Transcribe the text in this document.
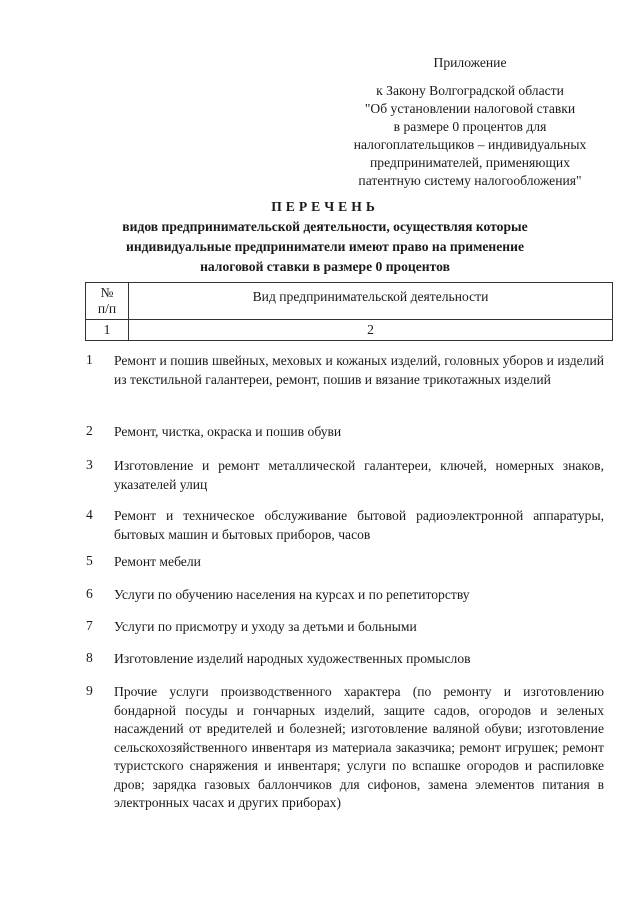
Приложение
к Закону Волгоградской области
"Об установлении налоговой ставки
в размере 0 процентов для
налогоплательщиков – индивидуальных
предпринимателей, применяющих
патентную систему налогообложения"
ПЕРЕЧЕНЬ
видов предпринимательской деятельности, осуществляя которые
индивидуальные предприниматели имеют право на применение
налоговой ставки в размере 0 процентов
№
п/п	Вид предпринимательской деятельности
1	2
1	Ремонт и пошив швейных, меховых и кожаных изделий, головных уборов и изделий из текстильной галантереи, ремонт, пошив и вязание трикотажных изделий
2	Ремонт, чистка, окраска и пошив обуви
3	Изготовление и ремонт металлической галантереи, ключей, номерных знаков, указателей улиц
4	Ремонт и техническое обслуживание бытовой радиоэлектронной аппаратуры, бытовых машин и бытовых приборов, часов
5	Ремонт мебели
6	Услуги по обучению населения на курсах и по репетиторству
7	Услуги по присмотру и уходу за детьми и больными
8	Изготовление изделий народных художественных промыслов
9	Прочие услуги производственного характера (по ремонту и изготовлению бондарной посуды и гончарных изделий, защите садов, огородов и зеленых насаждений от вредителей и болезней; изготовление валяной обуви; изготовление сельскохозяйственного инвентаря из материала заказчика; ремонт игрушек; ремонт туристского снаряжения и инвентаря; услуги по вспашке огородов и распиловке дров; зарядка газовых баллончиков для сифонов, замена элементов питания в электронных часах и других приборах)
